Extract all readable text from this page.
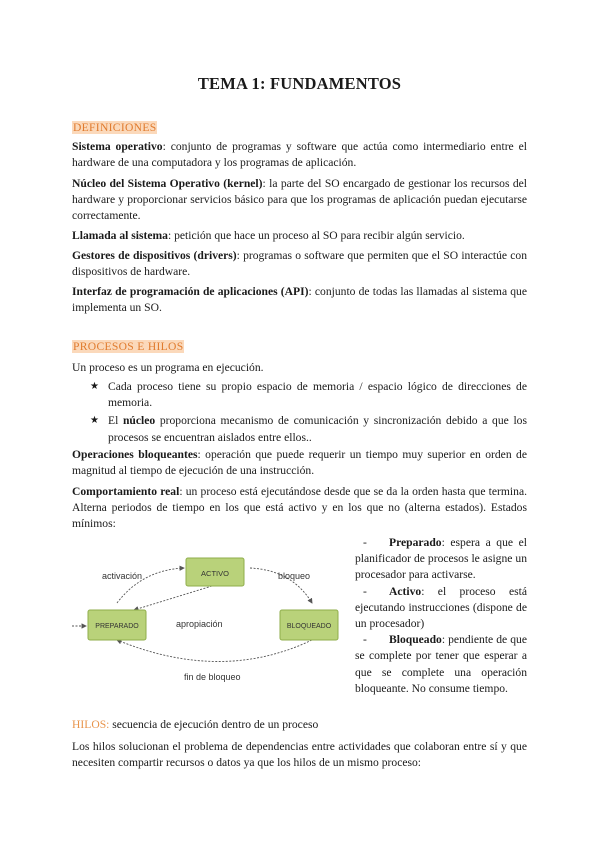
TEMA 1: FUNDAMENTOS
DEFINICIONES

Sistema operativo: conjunto de programas y software que actúa como intermediario entre el hardware de una computadora y los programas de aplicación.

Núcleo del Sistema Operativo (kernel): la parte del SO encargado de gestionar los recursos del hardware y proporcionar servicios básico para que los programas de aplicación puedan ejecutarse correctamente.

Llamada al sistema: petición que hace un proceso al SO para recibir algún servicio.

Gestores de dispositivos (drivers): programas o software que permiten que el SO interactúe con dispositivos de hardware.

Interfaz de programación de aplicaciones (API): conjunto de todas las llamadas al sistema que implementa un SO.

PROCESOS E HILOS

Un proceso es un programa en ejecución.

★ Cada proceso tiene su propio espacio de memoria / espacio lógico de direcciones de memoria.
★ El núcleo proporciona mecanismo de comunicación y sincronización debido a que los procesos se encuentran aislados entre ellos..

Operaciones bloqueantes: operación que puede requerir un tiempo muy superior en orden de magnitud al tiempo de ejecución de una instrucción.

Comportamiento real: un proceso está ejecutándose desde que se da la orden hasta que termina. Alterna periodos de tiempo en los que está activo y en los que no (alterna estados). Estados mínimos:

ACTIVO
PREPARADO	BLOQUEADO
activación	bloqueo
apropiación
fin de bloqueo

- Preparado: espera a que el planificador de procesos le asigne un procesador para activarse.

- Activo: el proceso está ejecutando instrucciones (dispone de un procesador)

- Bloqueado: pendiente de que se complete por tener que esperar a que se complete una operación bloqueante. No consume tiempo.

HILOS: secuencia de ejecución dentro de un proceso

Los hilos solucionan el problema de dependencias entre actividades que colaboran entre sí y que necesiten compartir recursos o datos ya que los hilos de un mismo proceso:
